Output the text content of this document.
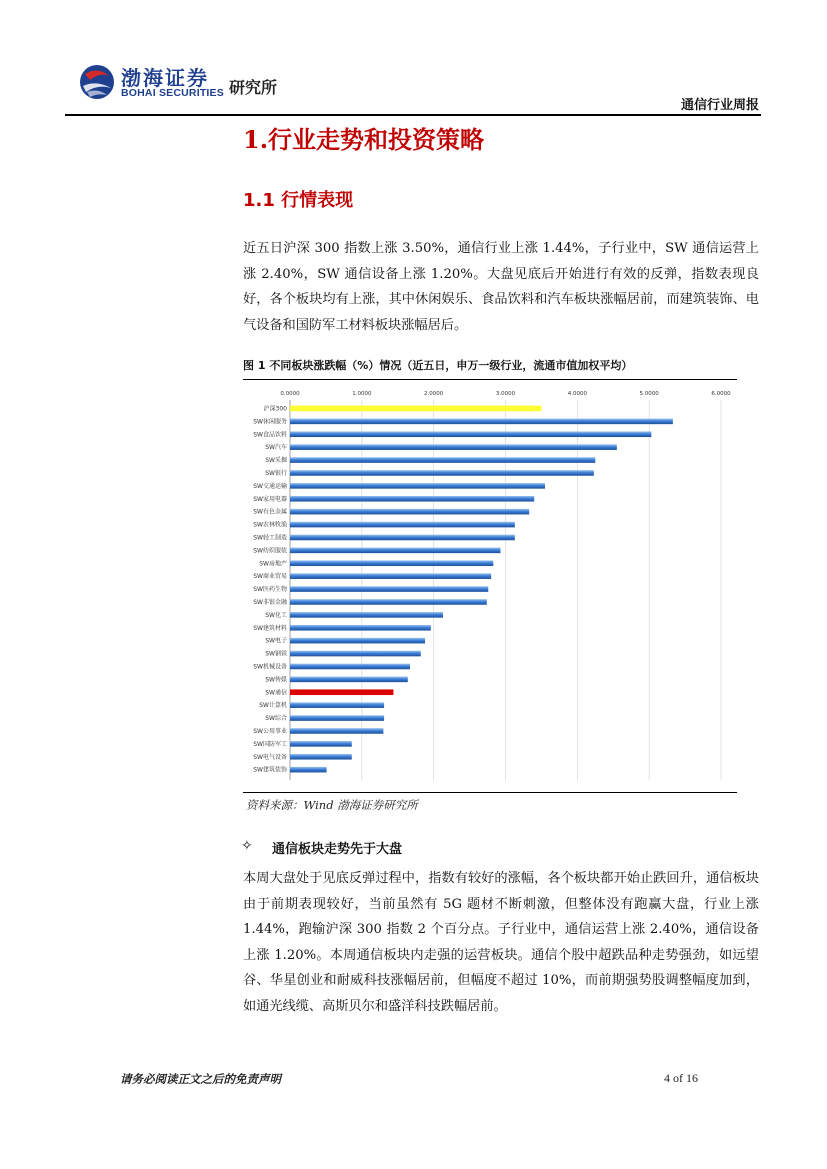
渤海证券
BOHAI SECURITIES 研究所
通信行业周报
1.行业走势和投资策略
1.1 行情表现
近五日沪深 300 指数上涨 3.50%，通信行业上涨 1.44%，子行业中，SW 通信运营上涨 2.40%，SW 通信设备上涨 1.20%。大盘见底后开始进行有效的反弹，指数表现良好，各个板块均有上涨，其中休闲娱乐、食品饮料和汽车板块涨幅居前，而建筑装饰、电气设备和国防军工材料板块涨幅居后。
图 1 不同板块涨跌幅（%）情况（近五日，申万一级行业，流通市值加权平均）
0.0000	1.0000	2.0000	3.0000	4.0000	5.0000	6.0000
沪深300
SW休闲服务
SW食品饮料
SW汽车
SW采掘
SW银行
SW交通运输
SW家用电器
SW有色金属
SW农林牧渔
SW轻工制造
SW纺织服装
SW房地产
SW商业贸易
SW医药生物
SW非银金融
SW化工
SW建筑材料
SW电子
SW钢铁
SW机械设备
SW传媒
SW通信
SW计算机
SW综合
SW公用事业
SW国防军工
SW电气设备
SW建筑装饰
资料来源：Wind 渤海证券研究所
✧ 通信板块走势先于大盘
本周大盘处于见底反弹过程中，指数有较好的涨幅，各个板块都开始止跌回升，通信板块由于前期表现较好，当前虽然有 5G 题材不断刺激，但整体没有跑赢大盘，行业上涨 1.44%，跑输沪深 300 指数 2 个百分点。子行业中，通信运营上涨 2.40%，通信设备上涨 1.20%。本周通信板块内走强的运营板块。通信个股中超跌品种走势强劲，如远望谷、华星创业和耐威科技涨幅居前，但幅度不超过 10%，而前期强势股调整幅度加到，如通光线缆、高斯贝尔和盛洋科技跌幅居前。
请务必阅读正文之后的免责声明	4 of 16
